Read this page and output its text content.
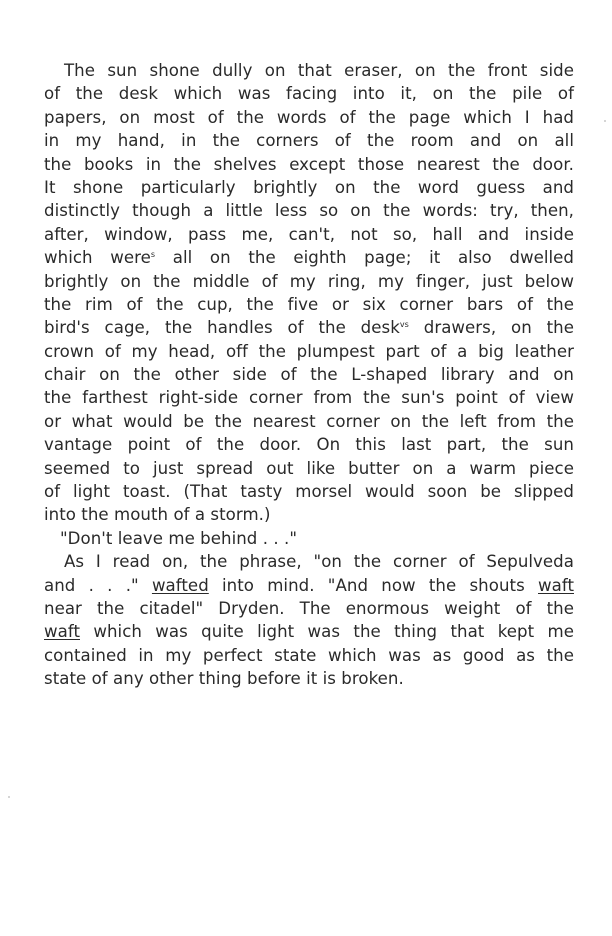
The sun shone dully on that eraser, on the front side
of the desk which was facing into it, on the pile of
papers, on most of the words of the page which I had
in my hand, in the corners of the room and on all
the books in the shelves except those nearest the door.
It shone particularly brightly on the word guess and
distinctly though a little less so on the words: try, then,
after, window, pass me, can't, not so, hall and inside
which were$^s$ all on the eighth page; it also dwelled
brightly on the middle of my ring, my finger, just below
the rim of the cup, the five or six corner bars of the
bird's cage, the handles of the desk$^{vs}$ drawers, on the
crown of my head, off the plumpest part of a big leather
chair on the other side of the L-shaped library and on
the farthest right-side corner from the sun's point of view
or what would be the nearest corner on the left from the
vantage point of the door. On this last part, the sun
seemed to just spread out like butter on a warm piece
of light toast. (That tasty morsel would soon be slipped
into the mouth of a storm.)
"Don't leave me behind . . ."
As I read on, the phrase, "on the corner of Sepulveda
and . . ." wafted into mind. "And now the shouts waft
near the citadel" Dryden. The enormous weight of the
waft which was quite light was the thing that kept me
contained in my perfect state which was as good as the
state of any other thing before it is broken.
